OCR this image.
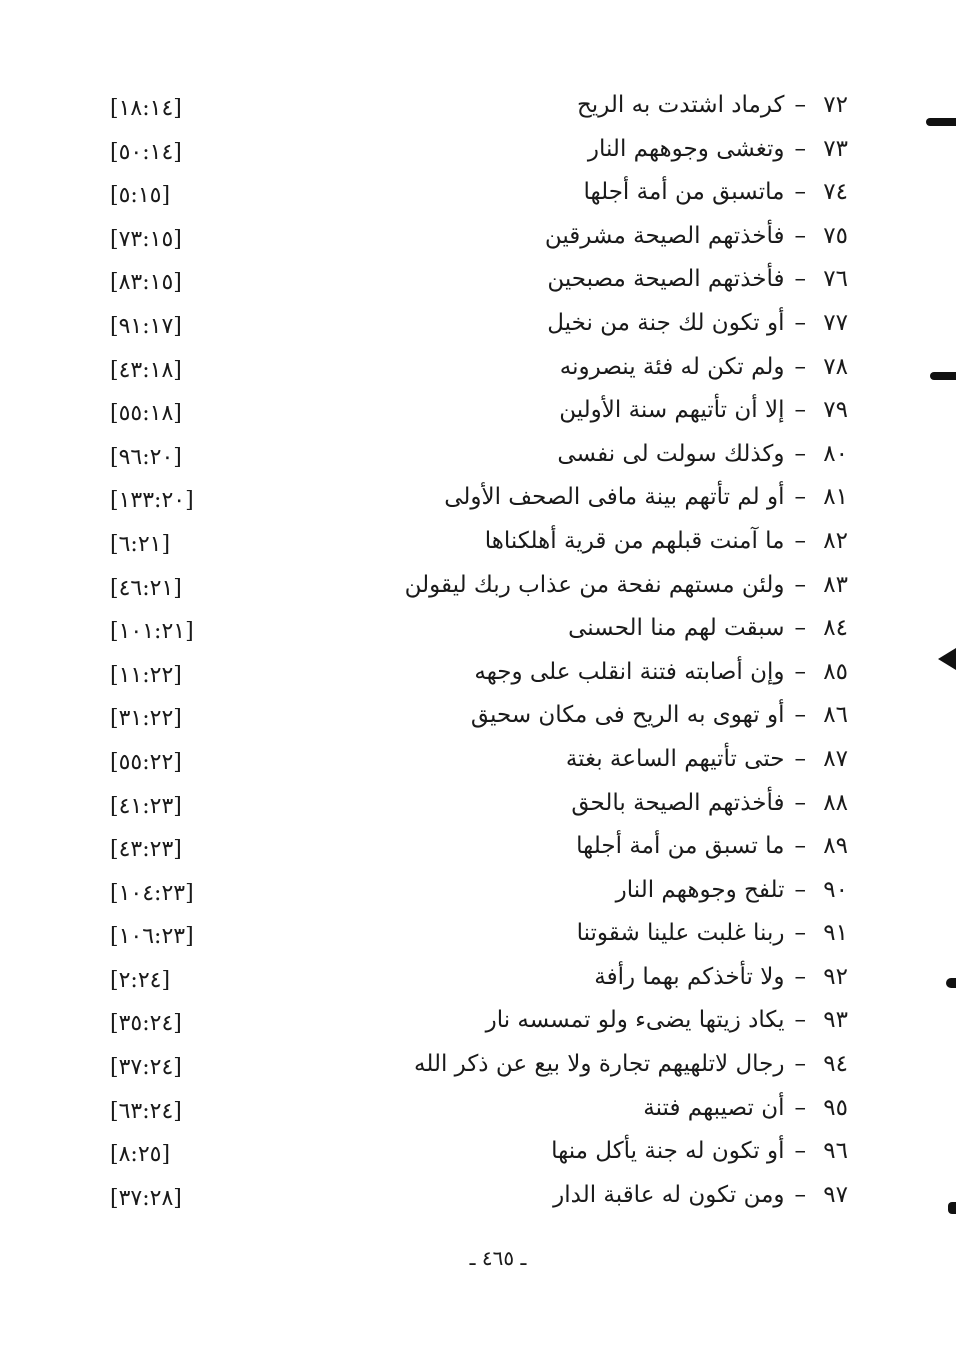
٧٢–كرماد اشتدت به الريح
[١٨:١٤]
٧٣–وتغشى وجوههم النار
[٥٠:١٤]
٧٤–ماتسبق من أمة أجلها
[٥:١٥]
٧٥–فأخذتهم الصيحة مشرقين
[٧٣:١٥]
٧٦–فأخذتهم الصيحة مصبحين
[٨٣:١٥]
٧٧–أو تكون لك جنة من نخيل
[٩١:١٧]
٧٨–ولم تكن له فئة ينصرونه
[٤٣:١٨]
٧٩–إلا أن تأتيهم سنة الأولين
[٥٥:١٨]
٨٠–وكذلك سولت لى نفسى
[٩٦:٢٠]
٨١–أو لم تأتهم بينة مافى الصحف الأولى
[١٣٣:٢٠]
٨٢–ما آمنت قبلهم من قرية أهلكناها
[٦:٢١]
٨٣–ولئن مستهم نفحة من عذاب ربك ليقولن
[٤٦:٢١]
٨٤–سبقت لهم منا الحسنى
[١٠١:٢١]
٨٥–وإن أصابته فتنة انقلب على وجهه
[١١:٢٢]
٨٦–أو تهوى به الريح فى مكان سحيق
[٣١:٢٢]
٨٧–حتى تأتيهم الساعة بغتة
[٥٥:٢٢]
٨٨–فأخذتهم الصيحة بالحق
[٤١:٢٣]
٨٩–ما تسبق من أمة أجلها
[٤٣:٢٣]
٩٠–تلفح وجوههم النار
[١٠٤:٢٣]
٩١–ربنا غلبت علينا شقوتنا
[١٠٦:٢٣]
٩٢–ولا تأخذكم بهما رأفة
[٢:٢٤]
٩٣–يكاد زيتها يضىء ولو تمسسه نار
[٣٥:٢٤]
٩٤–رجال لاتلهيهم تجارة ولا بيع عن ذكر الله
[٣٧:٢٤]
٩٥–أن تصيبهم فتنة
[٦٣:٢٤]
٩٦–أو تكون له جنة يأكل منها
[٨:٢٥]
٩٧–ومن تكون له عاقبة الدار
[٣٧:٢٨]
ـ ٤٦٥ ـ
